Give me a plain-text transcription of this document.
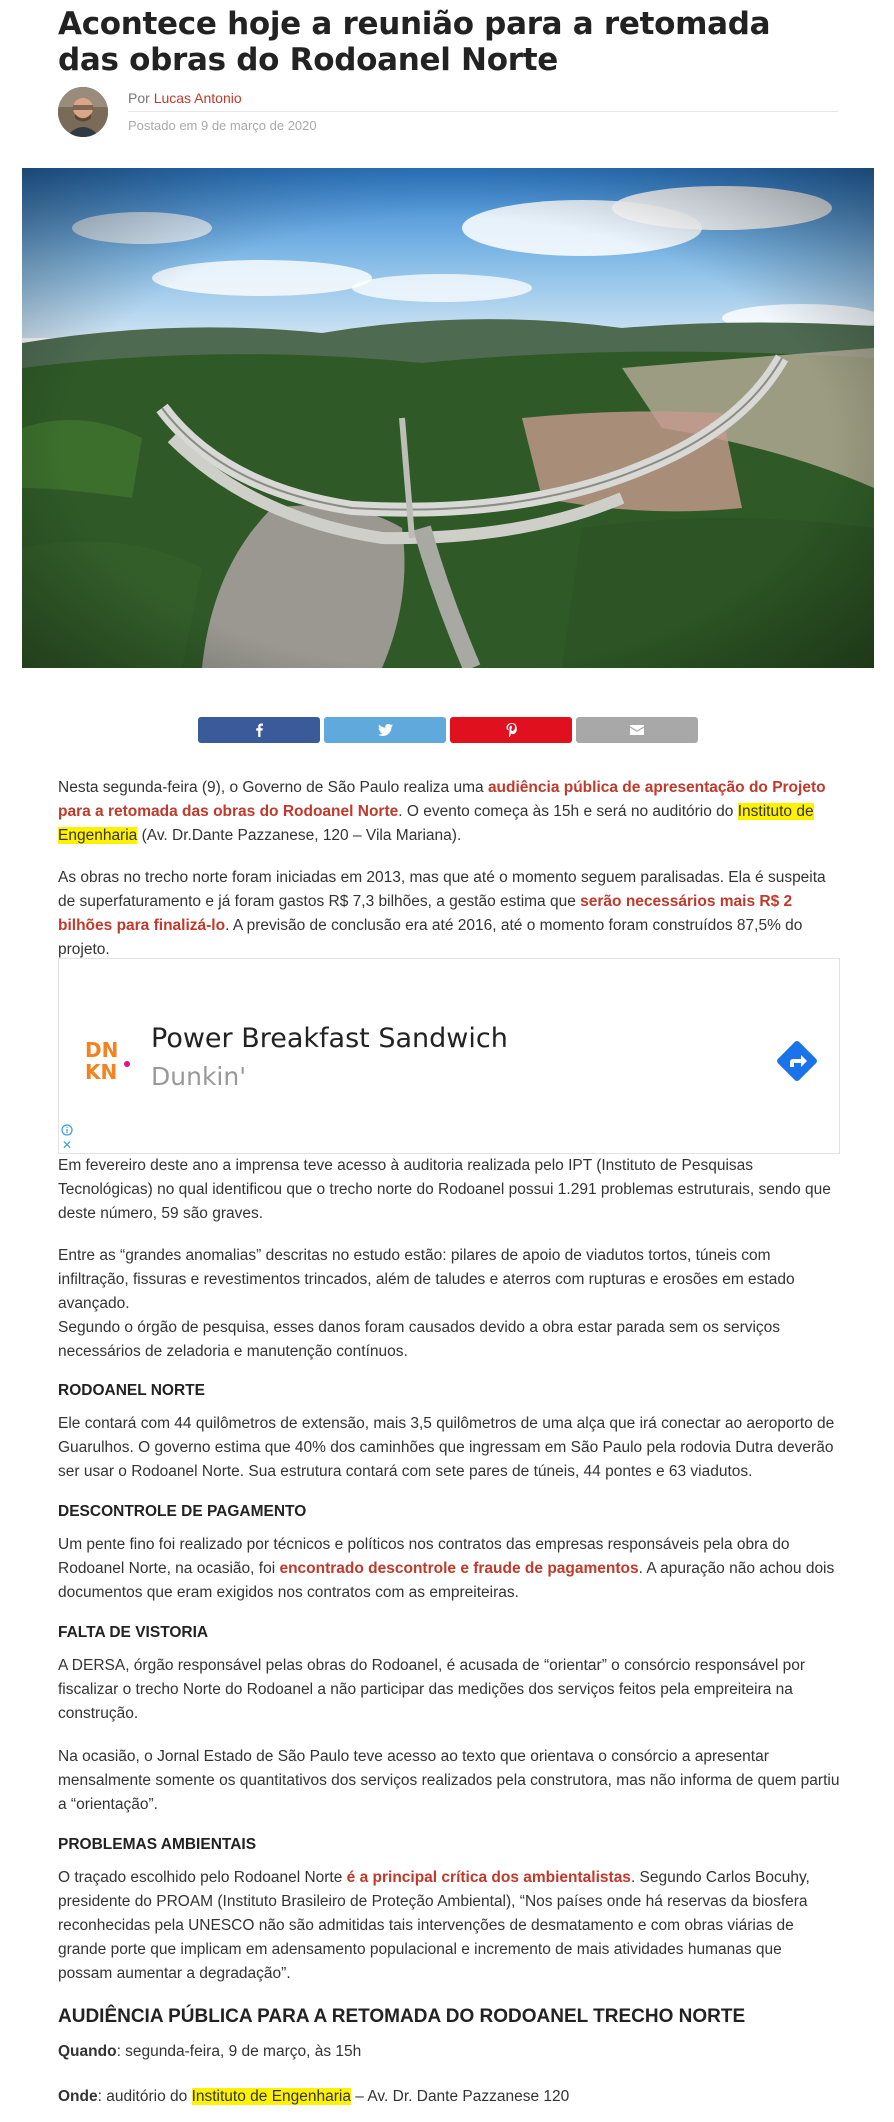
Acontece hoje a reunião para a retomada das obras do Rodoanel Norte
Por Lucas Antonio
Postado em 9 de março de 2020

Nesta segunda-feira (9), o Governo de São Paulo realiza uma audiência pública de apresentação do Projeto para a retomada das obras do Rodoanel Norte. O evento começa às 15h e será no auditório do Instituto de Engenharia (Av. Dr.Dante Pazzanese, 120 – Vila Mariana).

As obras no trecho norte foram iniciadas em 2013, mas que até o momento seguem paralisadas. Ela é suspeita de superfaturamento e já foram gastos R$ 7,3 bilhões, a gestão estima que serão necessários mais R$ 2 bilhões para finalizá-lo. A previsão de conclusão era até 2016, até o momento foram construídos 87,5% do projeto.

DN
KN
Power Breakfast Sandwich
Dunkin'
✕

Em fevereiro deste ano a imprensa teve acesso à auditoria realizada pelo IPT (Instituto de Pesquisas Tecnológicas) no qual identificou que o trecho norte do Rodoanel possui 1.291 problemas estruturais, sendo que deste número, 59 são graves.

Entre as “grandes anomalias” descritas no estudo estão: pilares de apoio de viadutos tortos, túneis com infiltração, fissuras e revestimentos trincados, além de taludes e aterros com rupturas e erosões em estado avançado.

Segundo o órgão de pesquisa, esses danos foram causados devido a obra estar parada sem os serviços necessários de zeladoria e manutenção contínuos.

RODOANEL NORTE

Ele contará com 44 quilômetros de extensão, mais 3,5 quilômetros de uma alça que irá conectar ao aeroporto de Guarulhos. O governo estima que 40% dos caminhões que ingressam em São Paulo pela rodovia Dutra deverão ser usar o Rodoanel Norte. Sua estrutura contará com sete pares de túneis, 44 pontes e 63 viadutos.

DESCONTROLE DE PAGAMENTO

Um pente fino foi realizado por técnicos e políticos nos contratos das empresas responsáveis pela obra do Rodoanel Norte, na ocasião, foi encontrado descontrole e fraude de pagamentos. A apuração não achou dois documentos que eram exigidos nos contratos com as empreiteiras.

FALTA DE VISTORIA

A DERSA, órgão responsável pelas obras do Rodoanel, é acusada de “orientar” o consórcio responsável por fiscalizar o trecho Norte do Rodoanel a não participar das medições dos serviços feitos pela empreiteira na construção.

Na ocasião, o Jornal Estado de São Paulo teve acesso ao texto que orientava o consórcio a apresentar mensalmente somente os quantitativos dos serviços realizados pela construtora, mas não informa de quem partiu a “orientação”.

PROBLEMAS AMBIENTAIS

O traçado escolhido pelo Rodoanel Norte é a principal crítica dos ambientalistas. Segundo Carlos Bocuhy, presidente do PROAM (Instituto Brasileiro de Proteção Ambiental), “Nos países onde há reservas da biosfera reconhecidas pela UNESCO não são admitidas tais intervenções de desmatamento e com obras viárias de grande porte que implicam em adensamento populacional e incremento de mais atividades humanas que possam aumentar a degradação”.

AUDIÊNCIA PÚBLICA PARA A RETOMADA DO RODOANEL TRECHO NORTE

Quando: segunda-feira, 9 de março, às 15h

Onde: auditório do Instituto de Engenharia – Av. Dr. Dante Pazzanese 120
